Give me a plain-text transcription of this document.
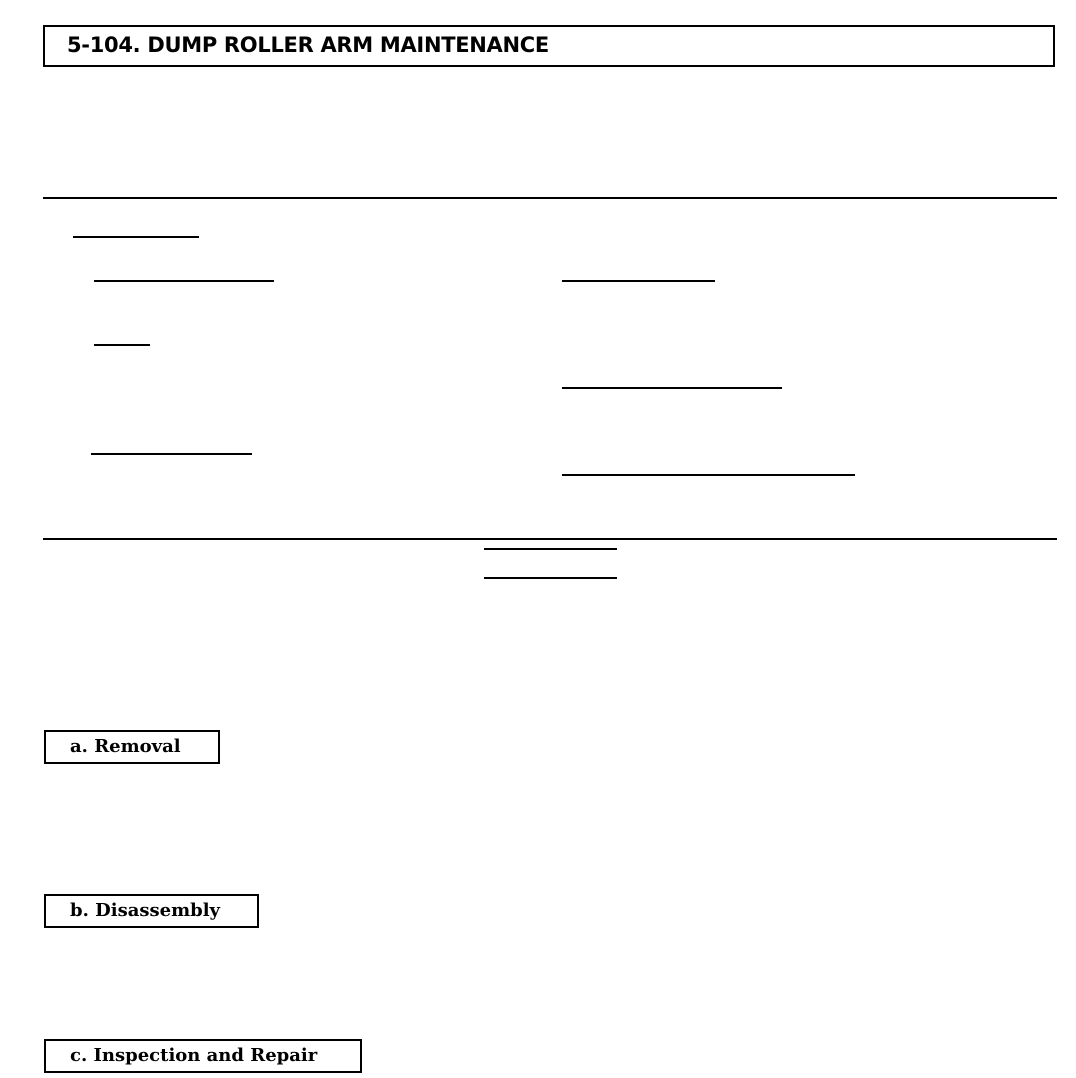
5-104. DUMP ROLLER ARM MAINTENANCE
a. Removal
b. Disassembly
c. Inspection and Repair
